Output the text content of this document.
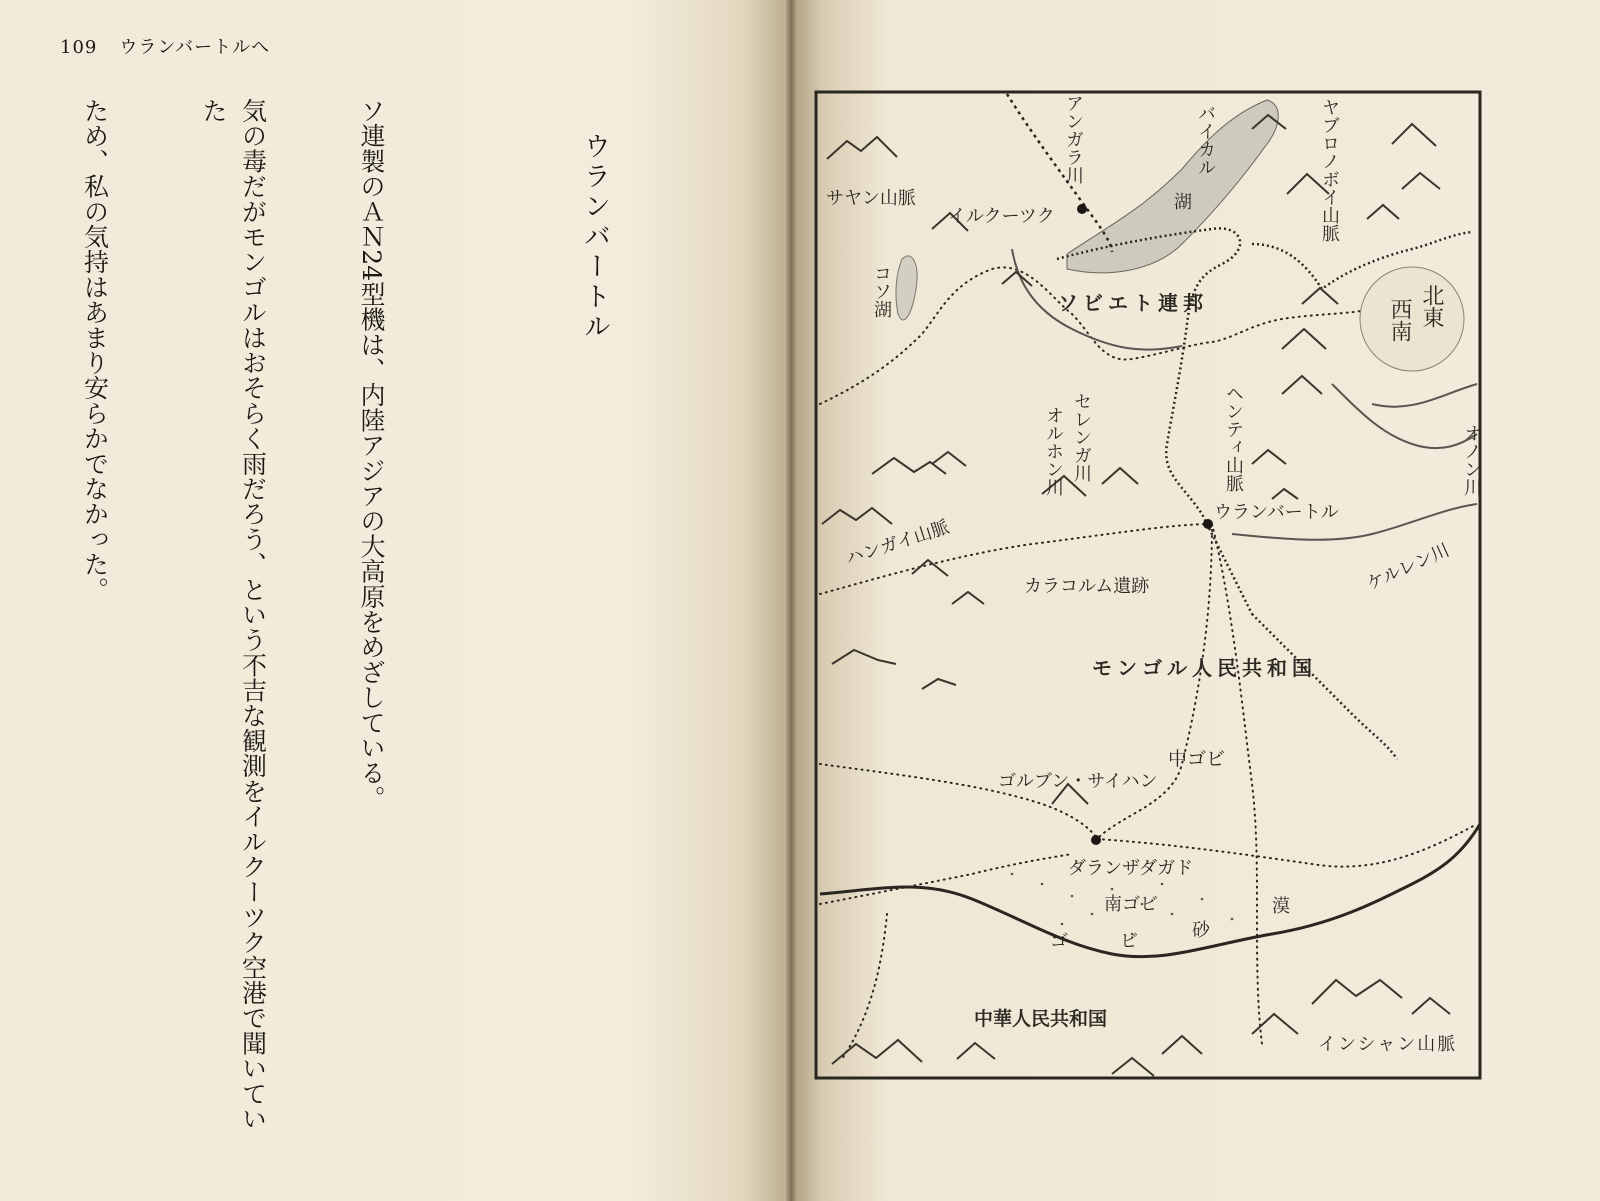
109 ウランバートルへ
ウランバートル

ソ連製のＡＮ24型機は、内陸アジアの大高原をめざしている。

気の毒だがモンゴルはおそらく雨だろう、という不吉な観測をイルクーツク空港で聞いていた

ため、私の気持はあまり安らかでなかった。

	アンガラ川	バイカル
湖	ヤブロノボイ山脈
サヤン山脈
イルクーツク
コソ湖	ソビエト連邦	北東
西南
セレンガ川
オルホン川	ヘンティ山脈	オノン川
ウランバートル
ハンガイ山脈
カラコルム遺跡	ケルレン川
モンゴル人民共和国
中ゴビ
ゴルブン・サイハン
ダランザダガド
南ゴビ
ゴ	ビ
砂
漠
中華人民共和国
インシャン山脈
